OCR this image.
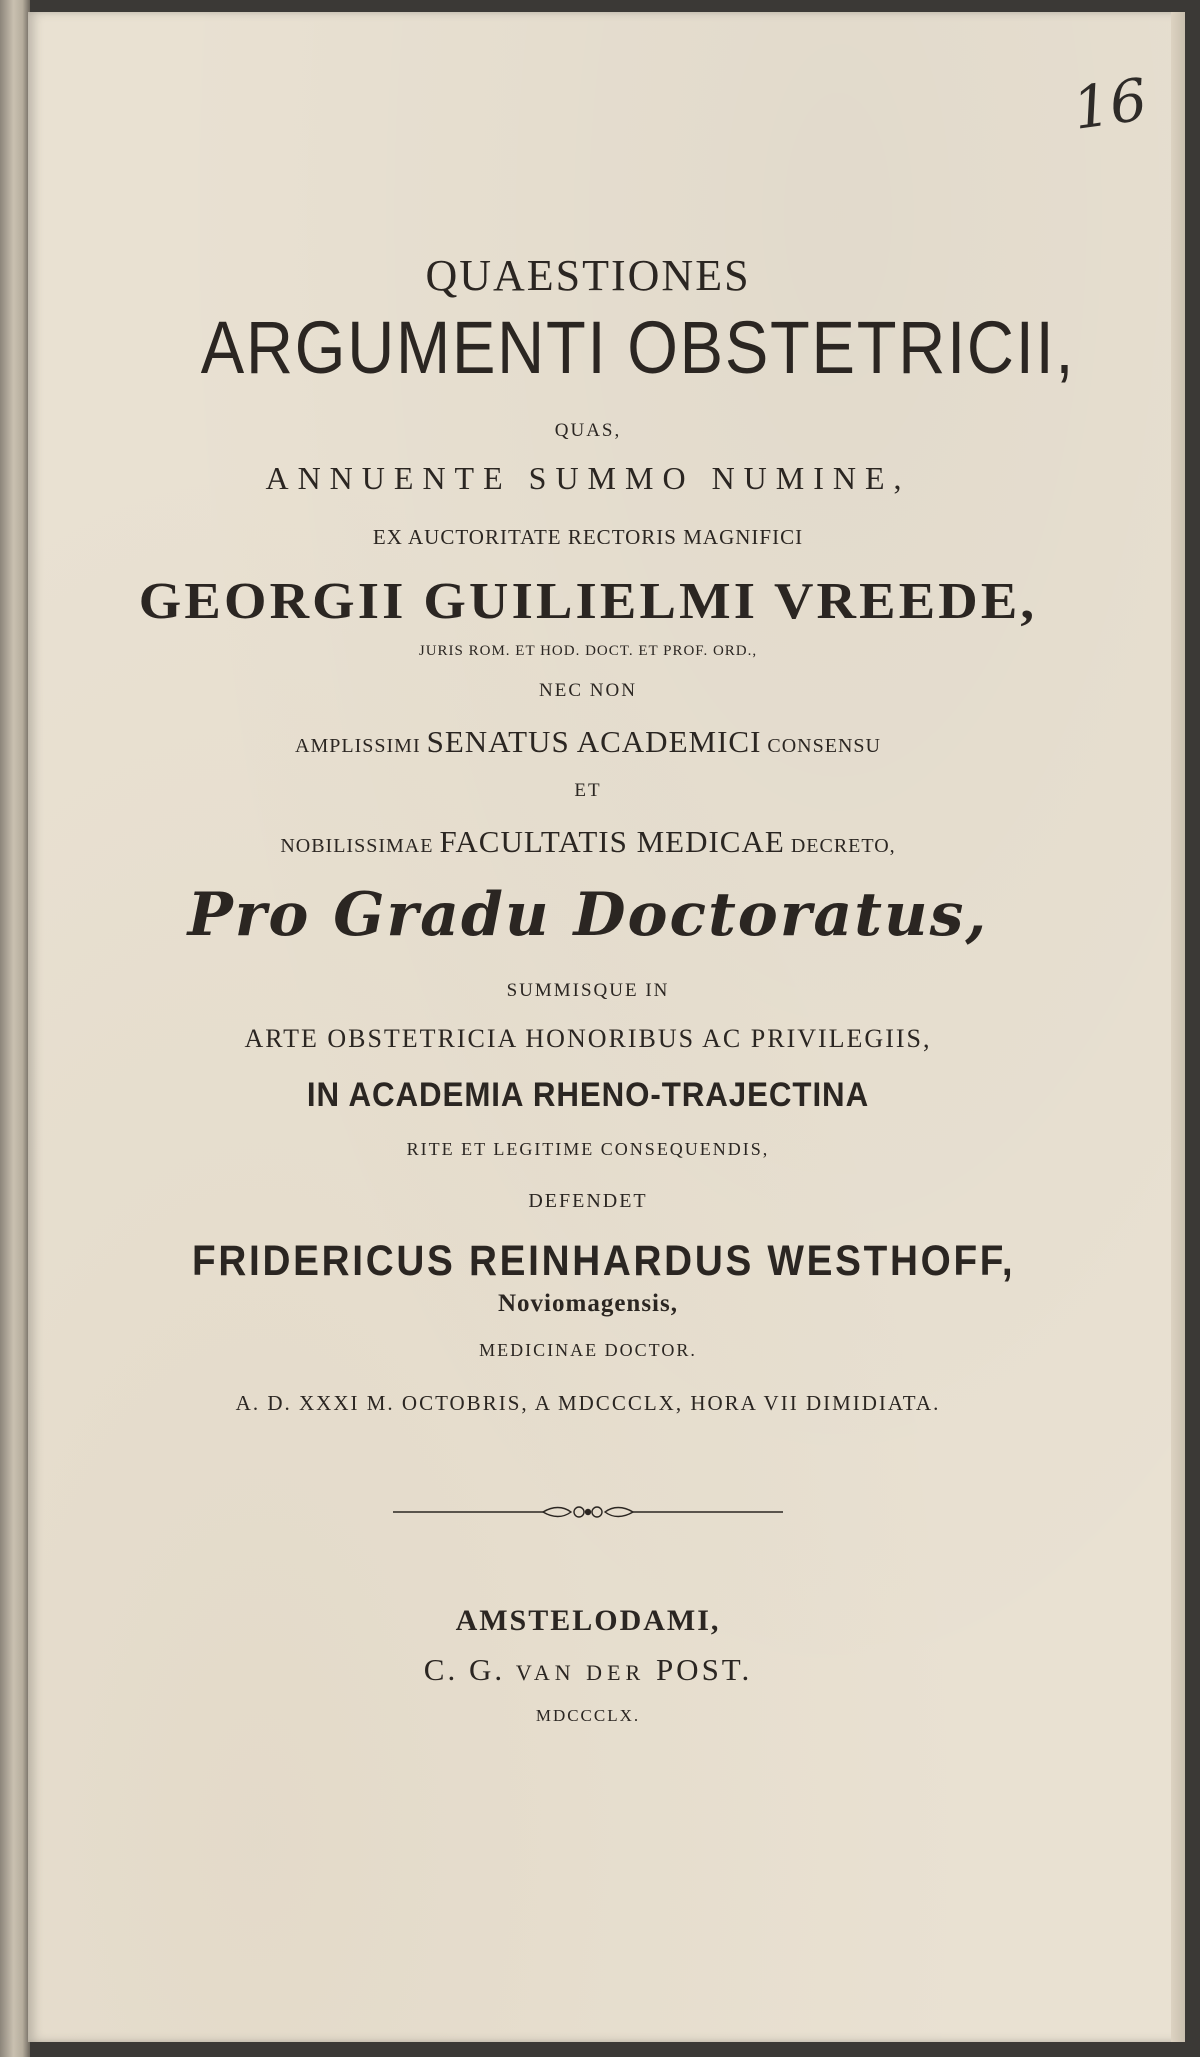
16
QUAESTIONES
ARGUMENTI OBSTETRICII,
QUAS,
ANNUENTE SUMMO NUMINE,
EX AUCTORITATE RECTORIS MAGNIFICI
GEORGII GUILIELMI VREEDE,
JURIS ROM. ET HOD. DOCT. ET PROF. ORD.,
NEC NON
AMPLISSIMI SENATUS ACADEMICI CONSENSU
ET
NOBILISSIMAE FACULTATIS MEDICAE DECRETO,
Pro Gradu Doctoratus,
SUMMISQUE IN
ARTE OBSTETRICIA HONORIBUS AC PRIVILEGIIS,
IN ACADEMIA RHENO-TRAJECTINA
RITE ET LEGITIME CONSEQUENDIS,
DEFENDET
FRIDERICUS REINHARDUS WESTHOFF,
Noviomagensis,
MEDICINAE DOCTOR.
A. D. XXXI M. OCTOBRIS, A MDCCCLX, HORA VII DIMIDIATA.
AMSTELODAMI,
C. G. VAN DER POST.
MDCCCLX.
